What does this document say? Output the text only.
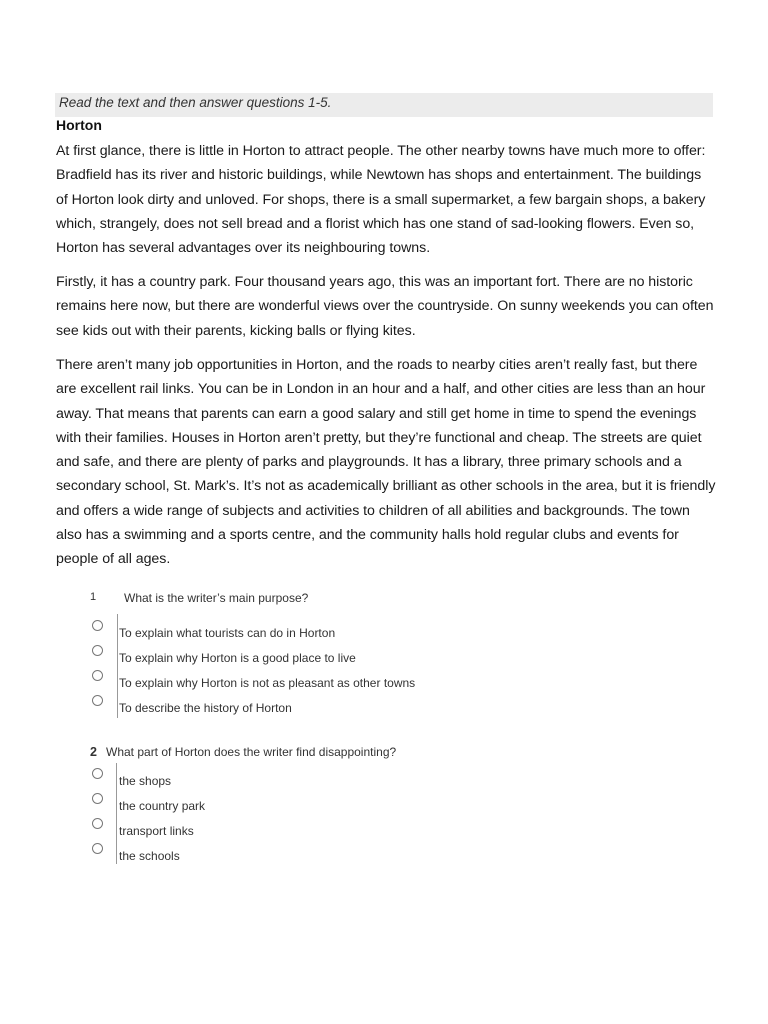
Read the text and then answer questions 1-5.
Horton
At first glance, there is little in Horton to attract people. The other nearby towns have much more to offer: Bradfield has its river and historic buildings, while Newtown has shops and entertainment. The buildings of Horton look dirty and unloved. For shops, there is a small supermarket, a few bargain shops, a bakery which, strangely, does not sell bread and a florist which has one stand of sad-looking flowers. Even so, Horton has several advantages over its neighbouring towns.
Firstly, it has a country park. Four thousand years ago, this was an important fort. There are no historic remains here now, but there are wonderful views over the countryside. On sunny weekends you can often see kids out with their parents, kicking balls or flying kites.
There aren’t many job opportunities in Horton, and the roads to nearby cities aren’t really fast, but there are excellent rail links. You can be in London in an hour and a half, and other cities are less than an hour away. That means that parents can earn a good salary and still get home in time to spend the evenings with their families. Houses in Horton aren’t pretty, but they’re functional and cheap. The streets are quiet and safe, and there are plenty of parks and playgrounds. It has a library, three primary schools and a secondary school, St. Mark’s. It’s not as academically brilliant as other schools in the area, but it is friendly and offers a wide range of subjects and activities to children of all abilities and backgrounds. The town also has a swimming and a sports centre, and the community halls hold regular clubs and events for people of all ages.
1 What is the writer’s main purpose?
To explain what tourists can do in Horton
To explain why Horton is a good place to live
To explain why Horton is not as pleasant as other towns
To describe the history of Horton
2 What part of Horton does the writer find disappointing?
the shops
the country park
transport links
the schools
